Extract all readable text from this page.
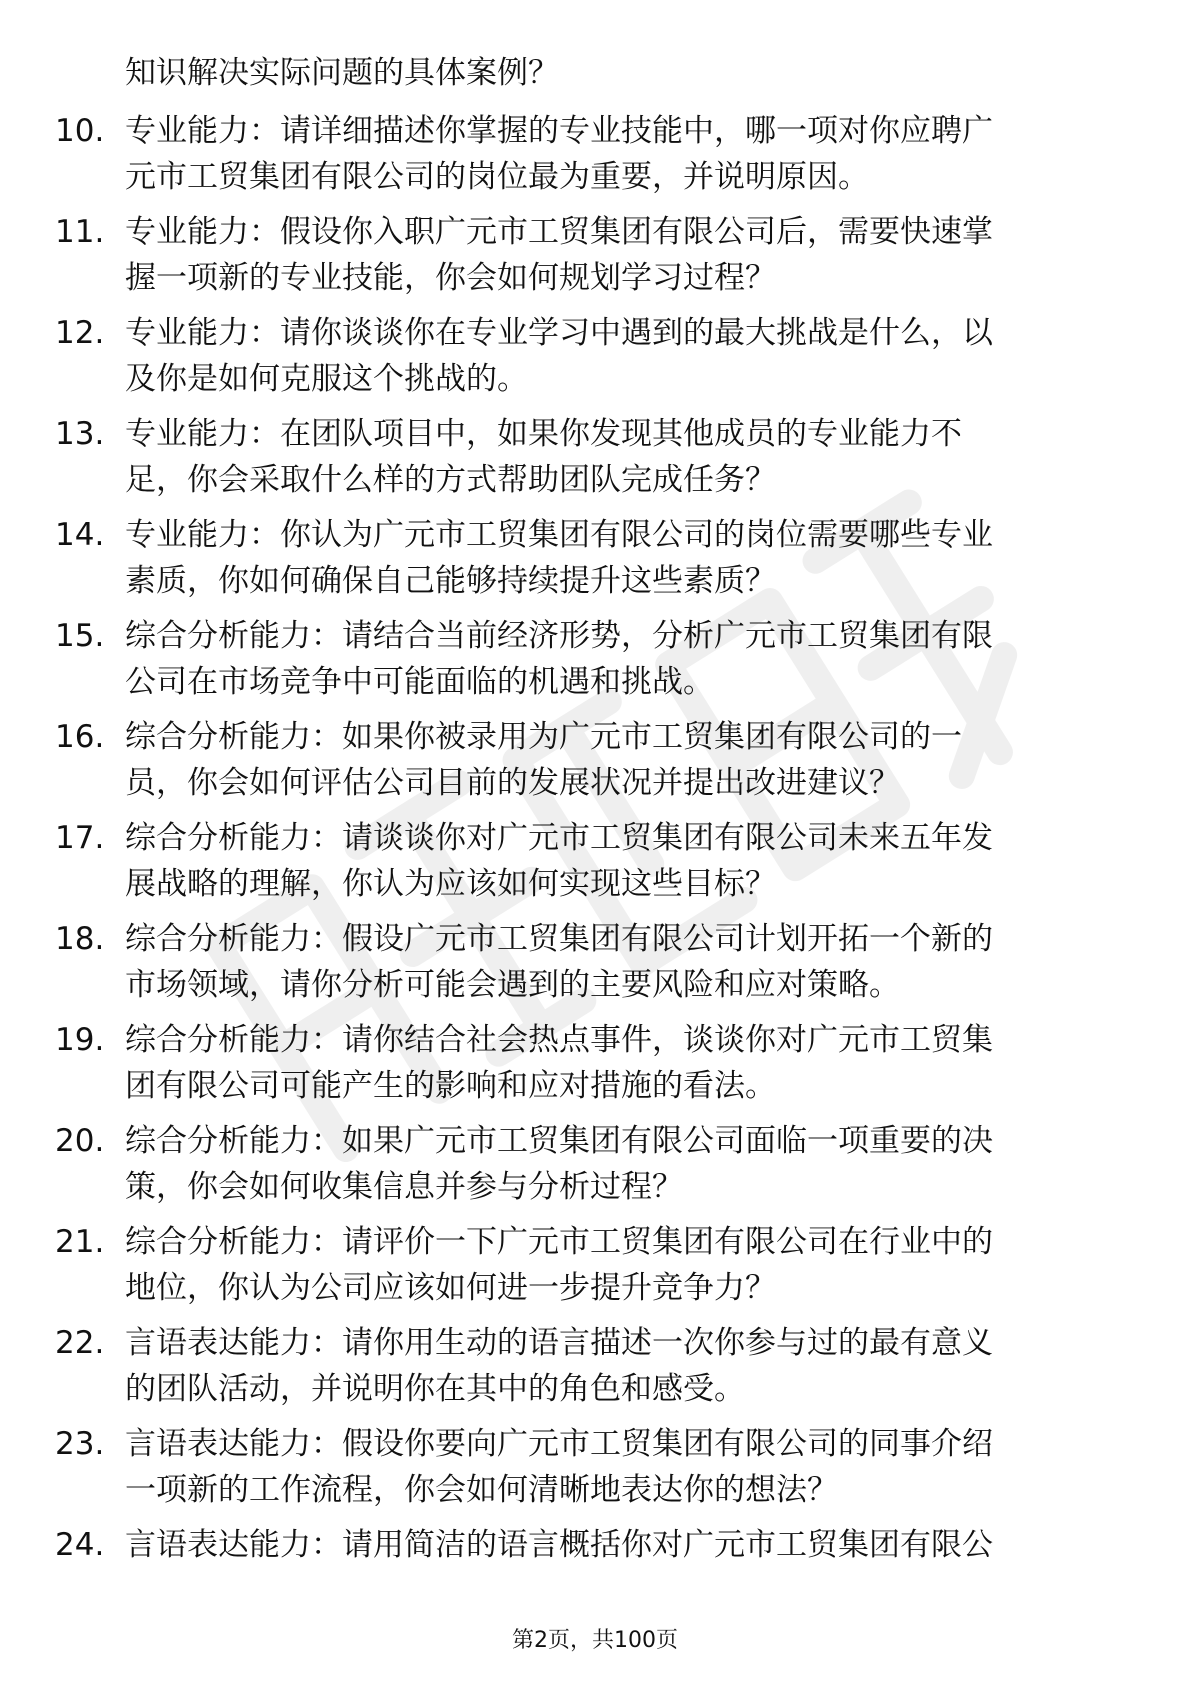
知识解决实际问题的具体案例？
10. 专业能力：请详细描述你掌握的专业技能中，哪一项对你应聘广
元市工贸集团有限公司的岗位最为重要，并说明原因。
11. 专业能力：假设你入职广元市工贸集团有限公司后，需要快速掌
握一项新的专业技能，你会如何规划学习过程？
12. 专业能力：请你谈谈你在专业学习中遇到的最大挑战是什么，以
及你是如何克服这个挑战的。
13. 专业能力：在团队项目中，如果你发现其他成员的专业能力不
足，你会采取什么样的方式帮助团队完成任务？
14. 专业能力：你认为广元市工贸集团有限公司的岗位需要哪些专业
素质，你如何确保自己能够持续提升这些素质？
15. 综合分析能力：请结合当前经济形势，分析广元市工贸集团有限
公司在市场竞争中可能面临的机遇和挑战。
16. 综合分析能力：如果你被录用为广元市工贸集团有限公司的一
员，你会如何评估公司目前的发展状况并提出改进建议？
17. 综合分析能力：请谈谈你对广元市工贸集团有限公司未来五年发
展战略的理解，你认为应该如何实现这些目标？
18. 综合分析能力：假设广元市工贸集团有限公司计划开拓一个新的
市场领域，请你分析可能会遇到的主要风险和应对策略。
19. 综合分析能力：请你结合社会热点事件，谈谈你对广元市工贸集
团有限公司可能产生的影响和应对措施的看法。
20. 综合分析能力：如果广元市工贸集团有限公司面临一项重要的决
策，你会如何收集信息并参与分析过程？
21. 综合分析能力：请评价一下广元市工贸集团有限公司在行业中的
地位，你认为公司应该如何进一步提升竞争力？
22. 言语表达能力：请你用生动的语言描述一次你参与过的最有意义
的团队活动，并说明你在其中的角色和感受。
23. 言语表达能力：假设你要向广元市工贸集团有限公司的同事介绍
一项新的工作流程，你会如何清晰地表达你的想法？
24. 言语表达能力：请用简洁的语言概括你对广元市工贸集团有限公
第2页，共100页
